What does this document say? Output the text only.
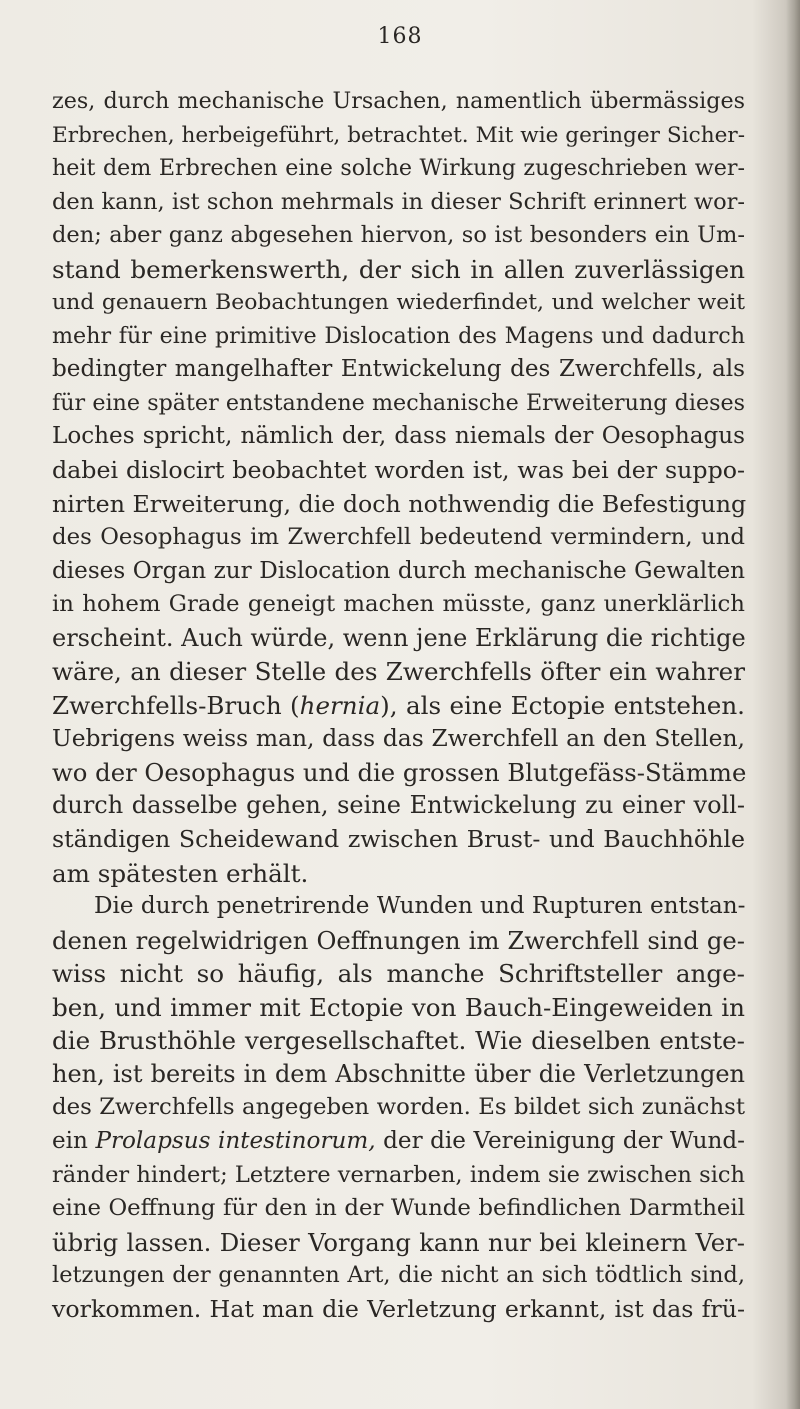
168
zes, durch mechanische Ursachen, namentlich übermässiges
Erbrechen, herbeigeführt, betrachtet. Mit wie geringer Sicher-
heit dem Erbrechen eine solche Wirkung zugeschrieben wer-
den kann, ist schon mehrmals in dieser Schrift erinnert wor-
den; aber ganz abgesehen hiervon, so ist besonders ein Um-
stand bemerkenswerth, der sich in allen zuverlässigen
und genauern Beobachtungen wiederfindet, und welcher weit
mehr für eine primitive Dislocation des Magens und dadurch
bedingter mangelhafter Entwickelung des Zwerchfells, als
für eine später entstandene mechanische Erweiterung dieses
Loches spricht, nämlich der, dass niemals der Oesophagus
dabei dislocirt beobachtet worden ist, was bei der suppo-
nirten Erweiterung, die doch nothwendig die Befestigung
des Oesophagus im Zwerchfell bedeutend vermindern, und
dieses Organ zur Dislocation durch mechanische Gewalten
in hohem Grade geneigt machen müsste, ganz unerklärlich
erscheint. Auch würde, wenn jene Erklärung die richtige
wäre, an dieser Stelle des Zwerchfells öfter ein wahrer
Zwerchfells-Bruch (hernia), als eine Ectopie entstehen.
Uebrigens weiss man, dass das Zwerchfell an den Stellen,
wo der Oesophagus und die grossen Blutgefäss-Stämme
durch dasselbe gehen, seine Entwickelung zu einer voll-
ständigen Scheidewand zwischen Brust- und Bauchhöhle
am spätesten erhält.
Die durch penetrirende Wunden und Rupturen entstan-
denen regelwidrigen Oeffnungen im Zwerchfell sind ge-
wiss nicht so häufig, als manche Schriftsteller ange-
ben, und immer mit Ectopie von Bauch-Eingeweiden in
die Brusthöhle vergesellschaftet. Wie dieselben entste-
hen, ist bereits in dem Abschnitte über die Verletzungen
des Zwerchfells angegeben worden. Es bildet sich zunächst
ein Prolapsus intestinorum, der die Vereinigung der Wund-
ränder hindert; Letztere vernarben, indem sie zwischen sich
eine Oeffnung für den in der Wunde befindlichen Darmtheil
übrig lassen. Dieser Vorgang kann nur bei kleinern Ver-
letzungen der genannten Art, die nicht an sich tödtlich sind,
vorkommen. Hat man die Verletzung erkannt, ist das frü-
